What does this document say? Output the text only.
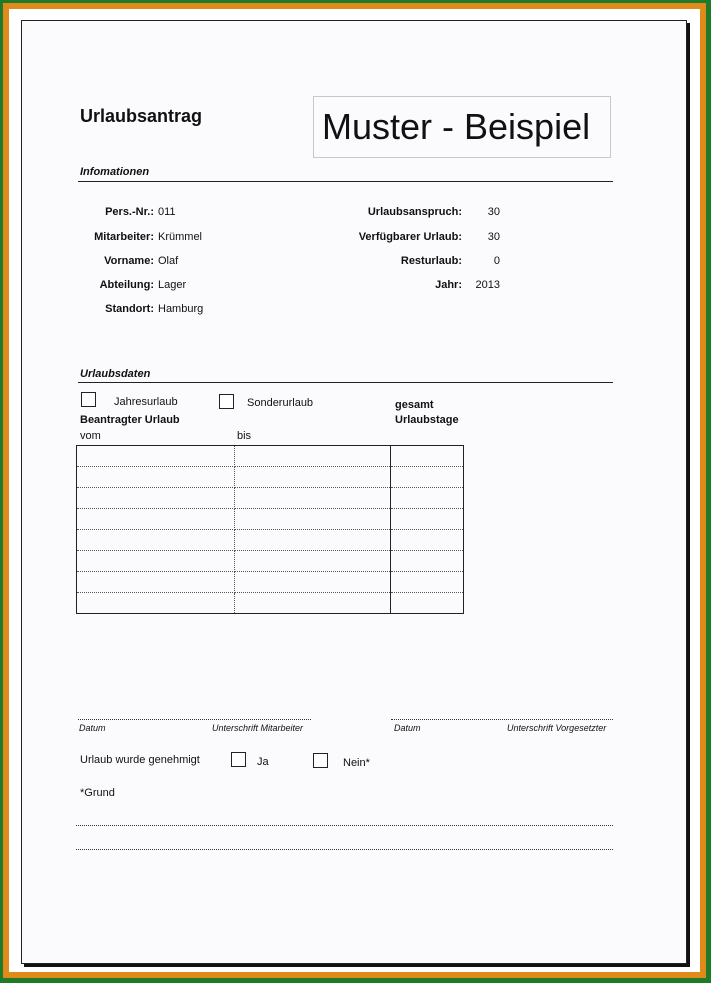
Urlaubsantrag	Muster - Beispiel
Infomationen
Pers.-Nr.: 011
Mitarbeiter: Krümmel
Vorname: Olaf
Abteilung: Lager
Standort: Hamburg
Urlaubsanspruch: 30
Verfügbarer Urlaub: 30
Resturlaub:	0
Jahr: 2013
Urlaubsdaten
Jahresurlaub	Sonderurlaub	gesamt
Urlaubstage
Beantragter Urlaub
vom	bis

Datum	Unterschrift Mitarbeiter	Datum	Unterschrift Vorgesetzter
Urlaub wurde genehmigt	Ja	Nein*
*Grund
